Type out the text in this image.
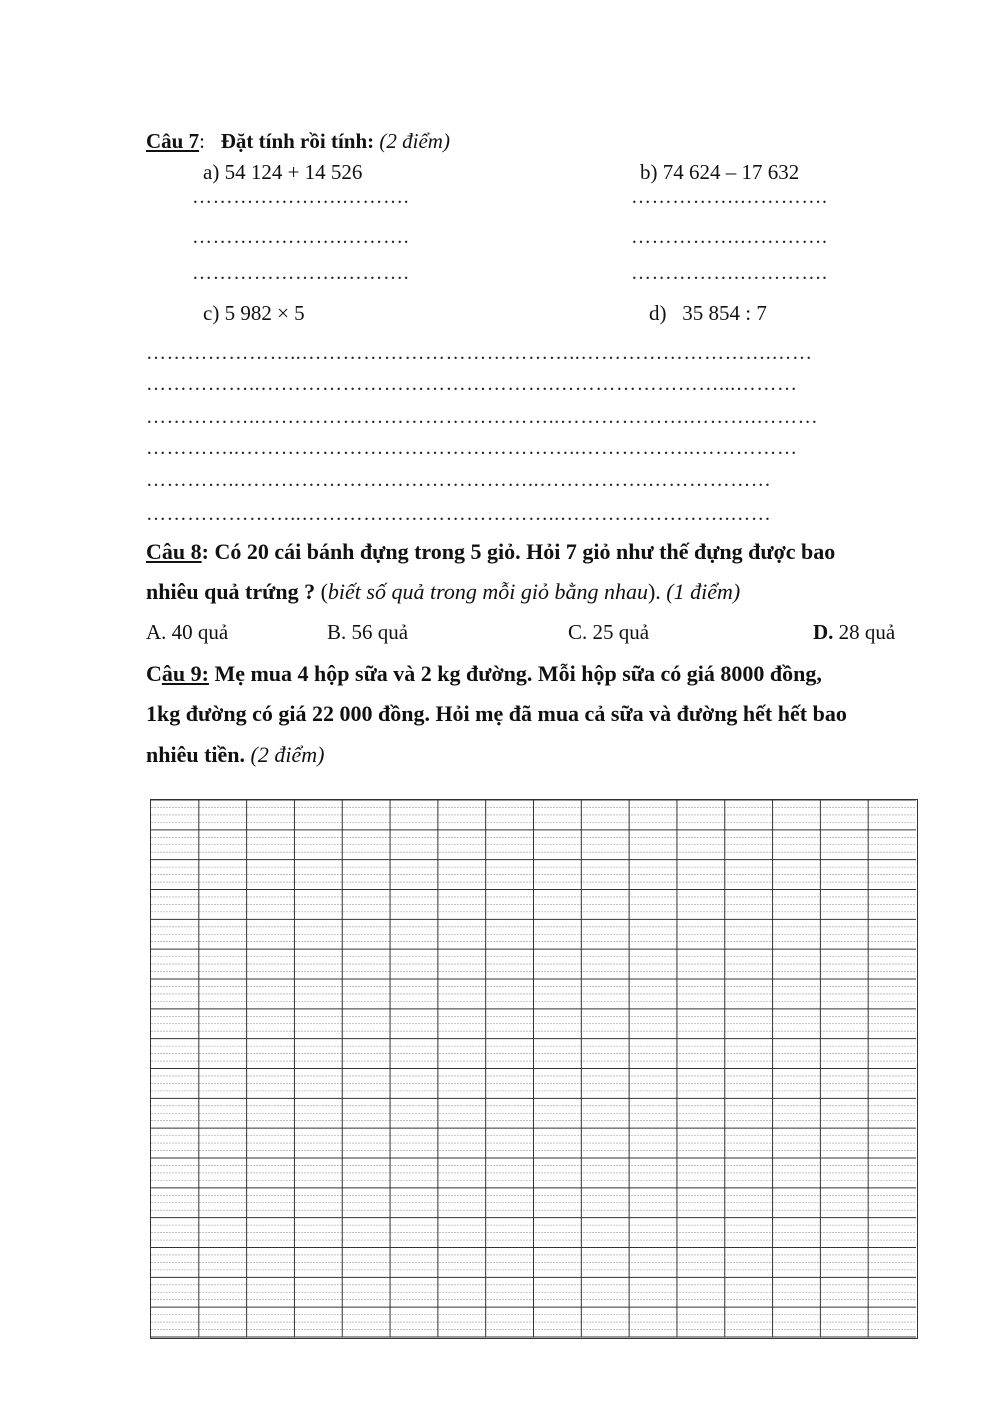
Câu 7: Đặt tính rồi tính: (2 điểm)
a) 54 124 + 14 526	b) 74 624 – 17 632
………………….……….	…………….………….
………………….……….	…………….………….
………………….……….	…………….………….
c) 5 982 × 5	d)   35 854 : 7
…………………..…………………………………..……………………….……
……………..…………………………………….……………………...………
……………..……………………………………..……………….……….………
…………..…………………………………………..……………..……………
…………..……………………………………..…………….………………
…………………..………………………………..…………………….……
Câu 8: Có 20 cái bánh đựng trong 5 giỏ. Hỏi 7 giỏ như thế đựng được bao
nhiêu quả trứng ? (biết số quả trong mỗi giỏ bằng nhau). (1 điểm)
A. 40 quả	B. 56 quả	C. 25 quả	D. 28 quả
Câu 9: Mẹ mua 4 hộp sữa và 2 kg đường. Mỗi hộp sữa có giá 8000 đồng,
1kg đường có giá 22 000 đồng. Hỏi mẹ đã mua cả sữa và đường hết hết bao
nhiêu tiền. (2 điểm)
